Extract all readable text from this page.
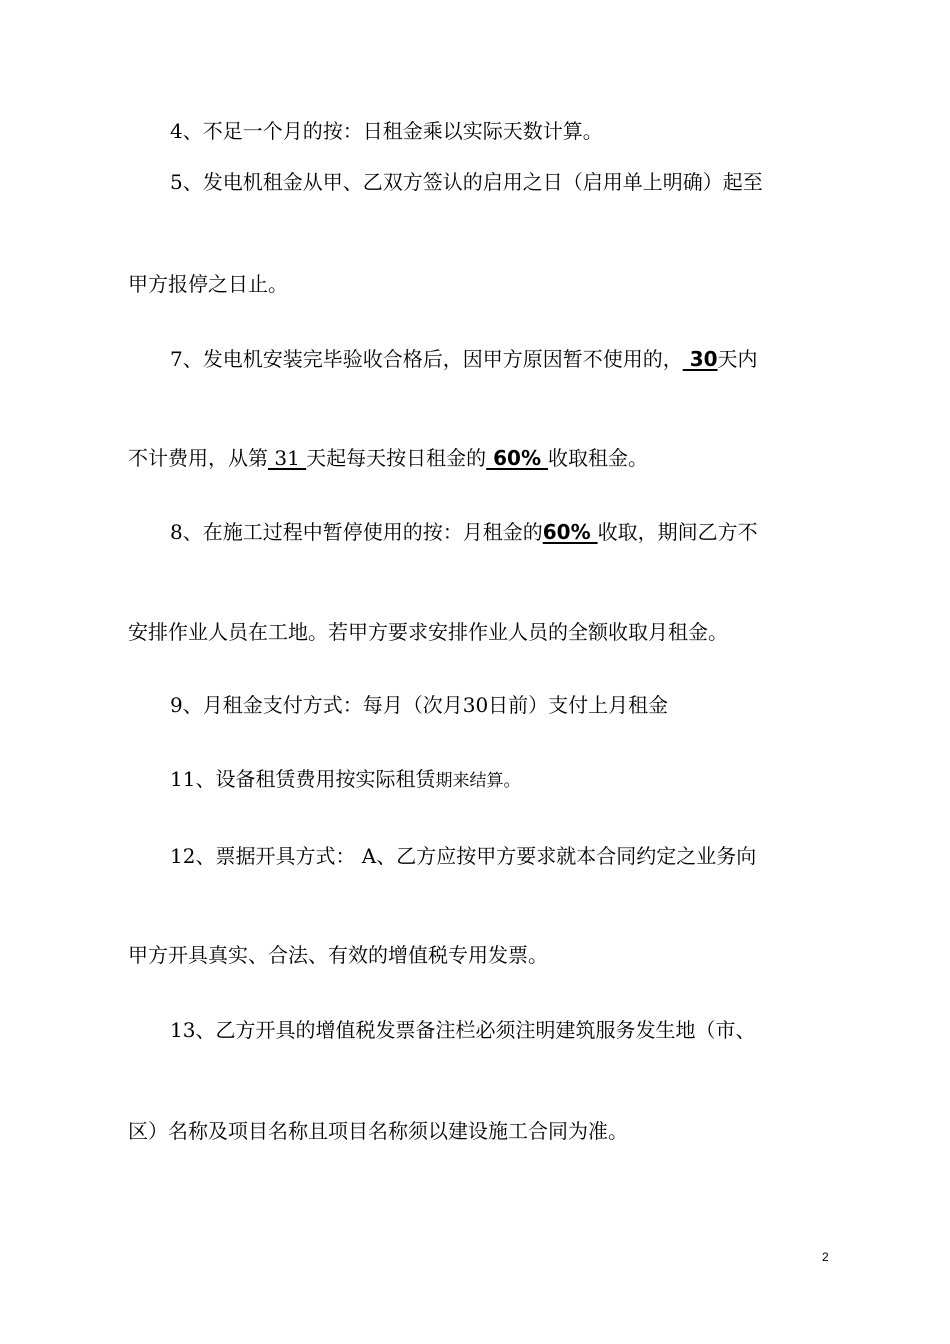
4、不足一个月的按：日租金乘以实际天数计算。
5、发电机租金从甲、乙双方签认的启用之日（启用单上明确）起至
甲方报停之日止。
7、发电机安装完毕验收合格后，因甲方原因暂不使用的， 30天内
不计费用，从第 31 天起每天按日租金的 60% 收取租金。
8、在施工过程中暂停使用的按：月租金的60% 收取，期间乙方不
安排作业人员在工地。若甲方要求安排作业人员的全额收取月租金。
9、月租金支付方式：每月（次月30日前）支付上月租金
11、设备租赁费用按实际租赁期来结算。
12、票据开具方式： A、乙方应按甲方要求就本合同约定之业务向
甲方开具真实、合法、有效的增值税专用发票。
13、乙方开具的增值税发票备注栏必须注明建筑服务发生地（市、
区）名称及项目名称且项目名称须以建设施工合同为准。
2
